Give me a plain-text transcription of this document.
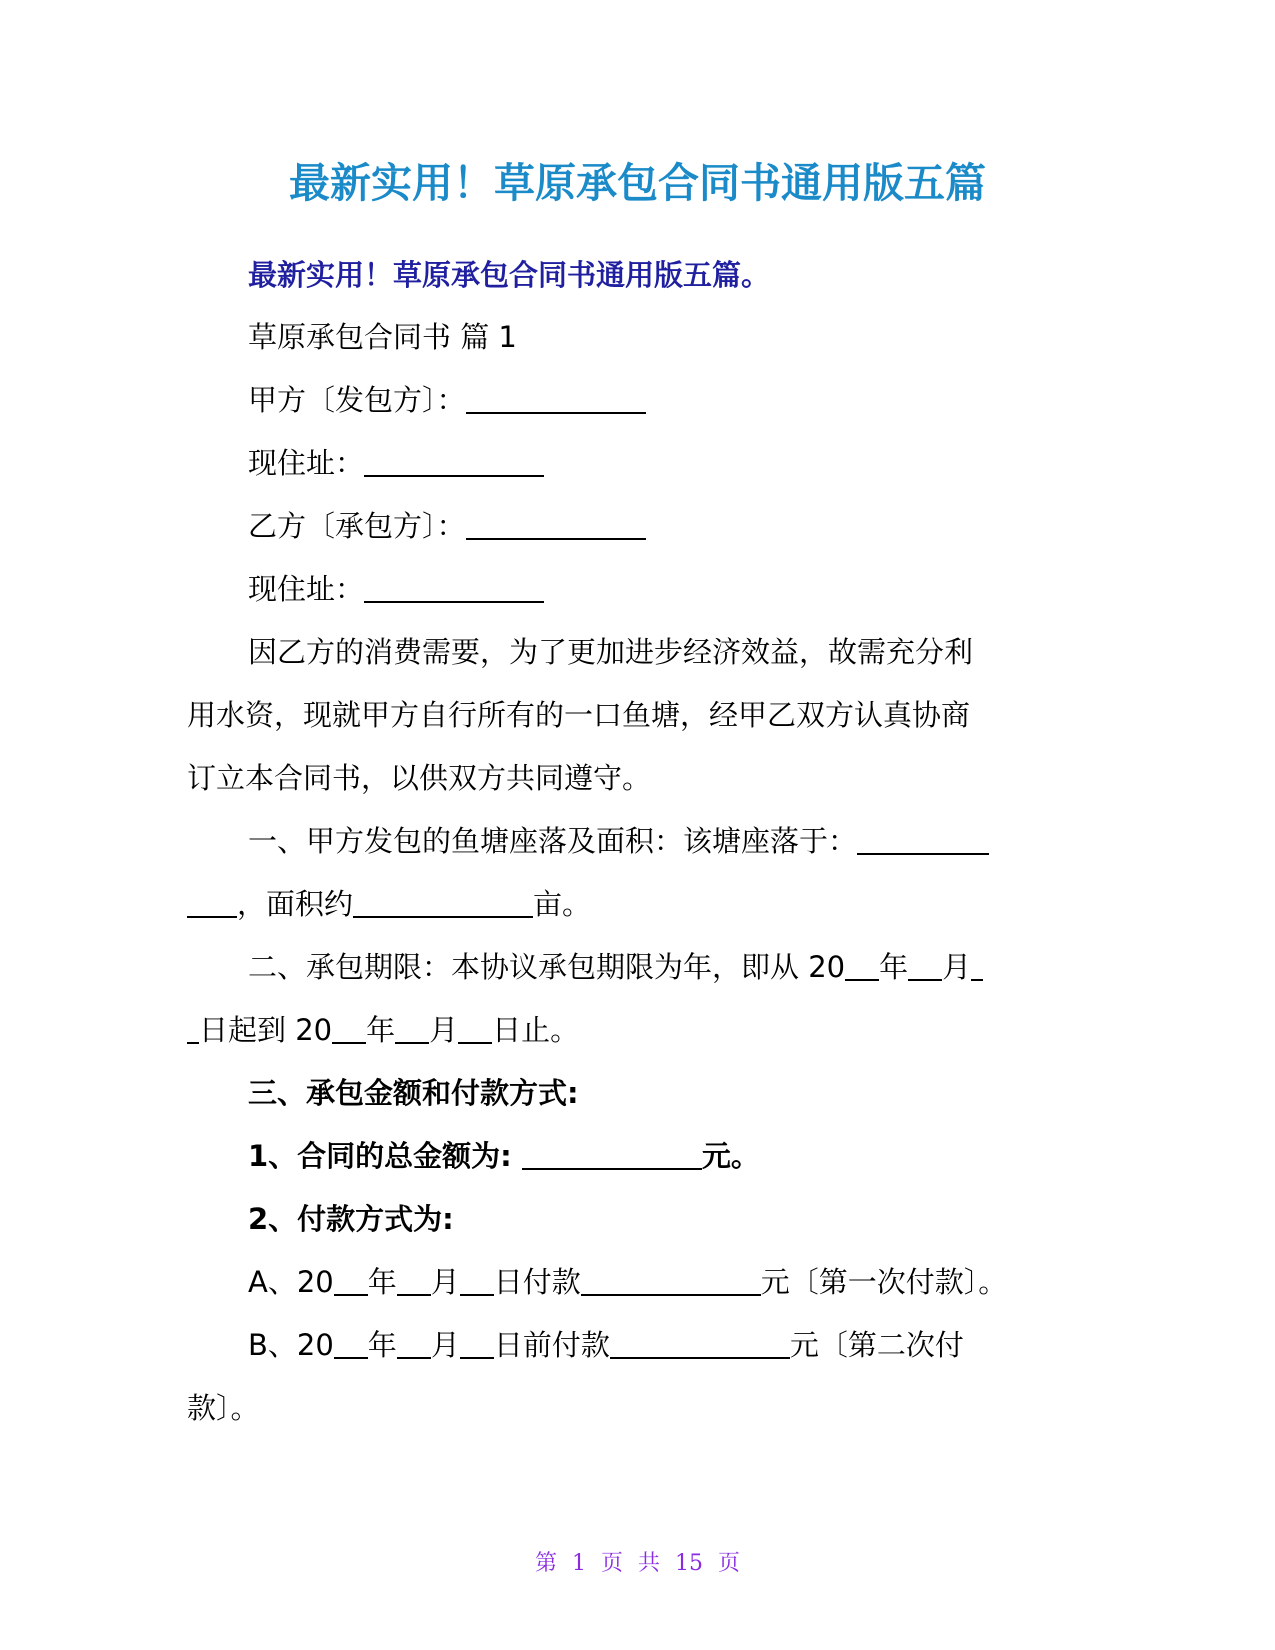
最新实用！草原承包合同书通用版五篇
最新实用！草原承包合同书通用版五篇。
草原承包合同书 篇 1
甲方〔发包方〕：
现住址：
乙方〔承包方〕：
现住址：
因乙方的消费需要，为了更加进步经济效益，故需充分利
用水资，现就甲方自行所有的一口鱼塘，经甲乙双方认真协商
订立本合同书，以供双方共同遵守。
一、甲方发包的鱼塘座落及面积：该塘座落于：
，面积约	亩。
二、承包期限：本协议承包期限为年，即从 20 年 月
日起到 20 年 月 日止。
三、承包金额和付款方式:
1、合同的总金额为:	元。
2、付款方式为:
A、20 年 月 日付款	元〔第一次付款〕。
B、20 年 月 日前付款	元〔第二次付
款〕。
第 1 页 共 15 页
